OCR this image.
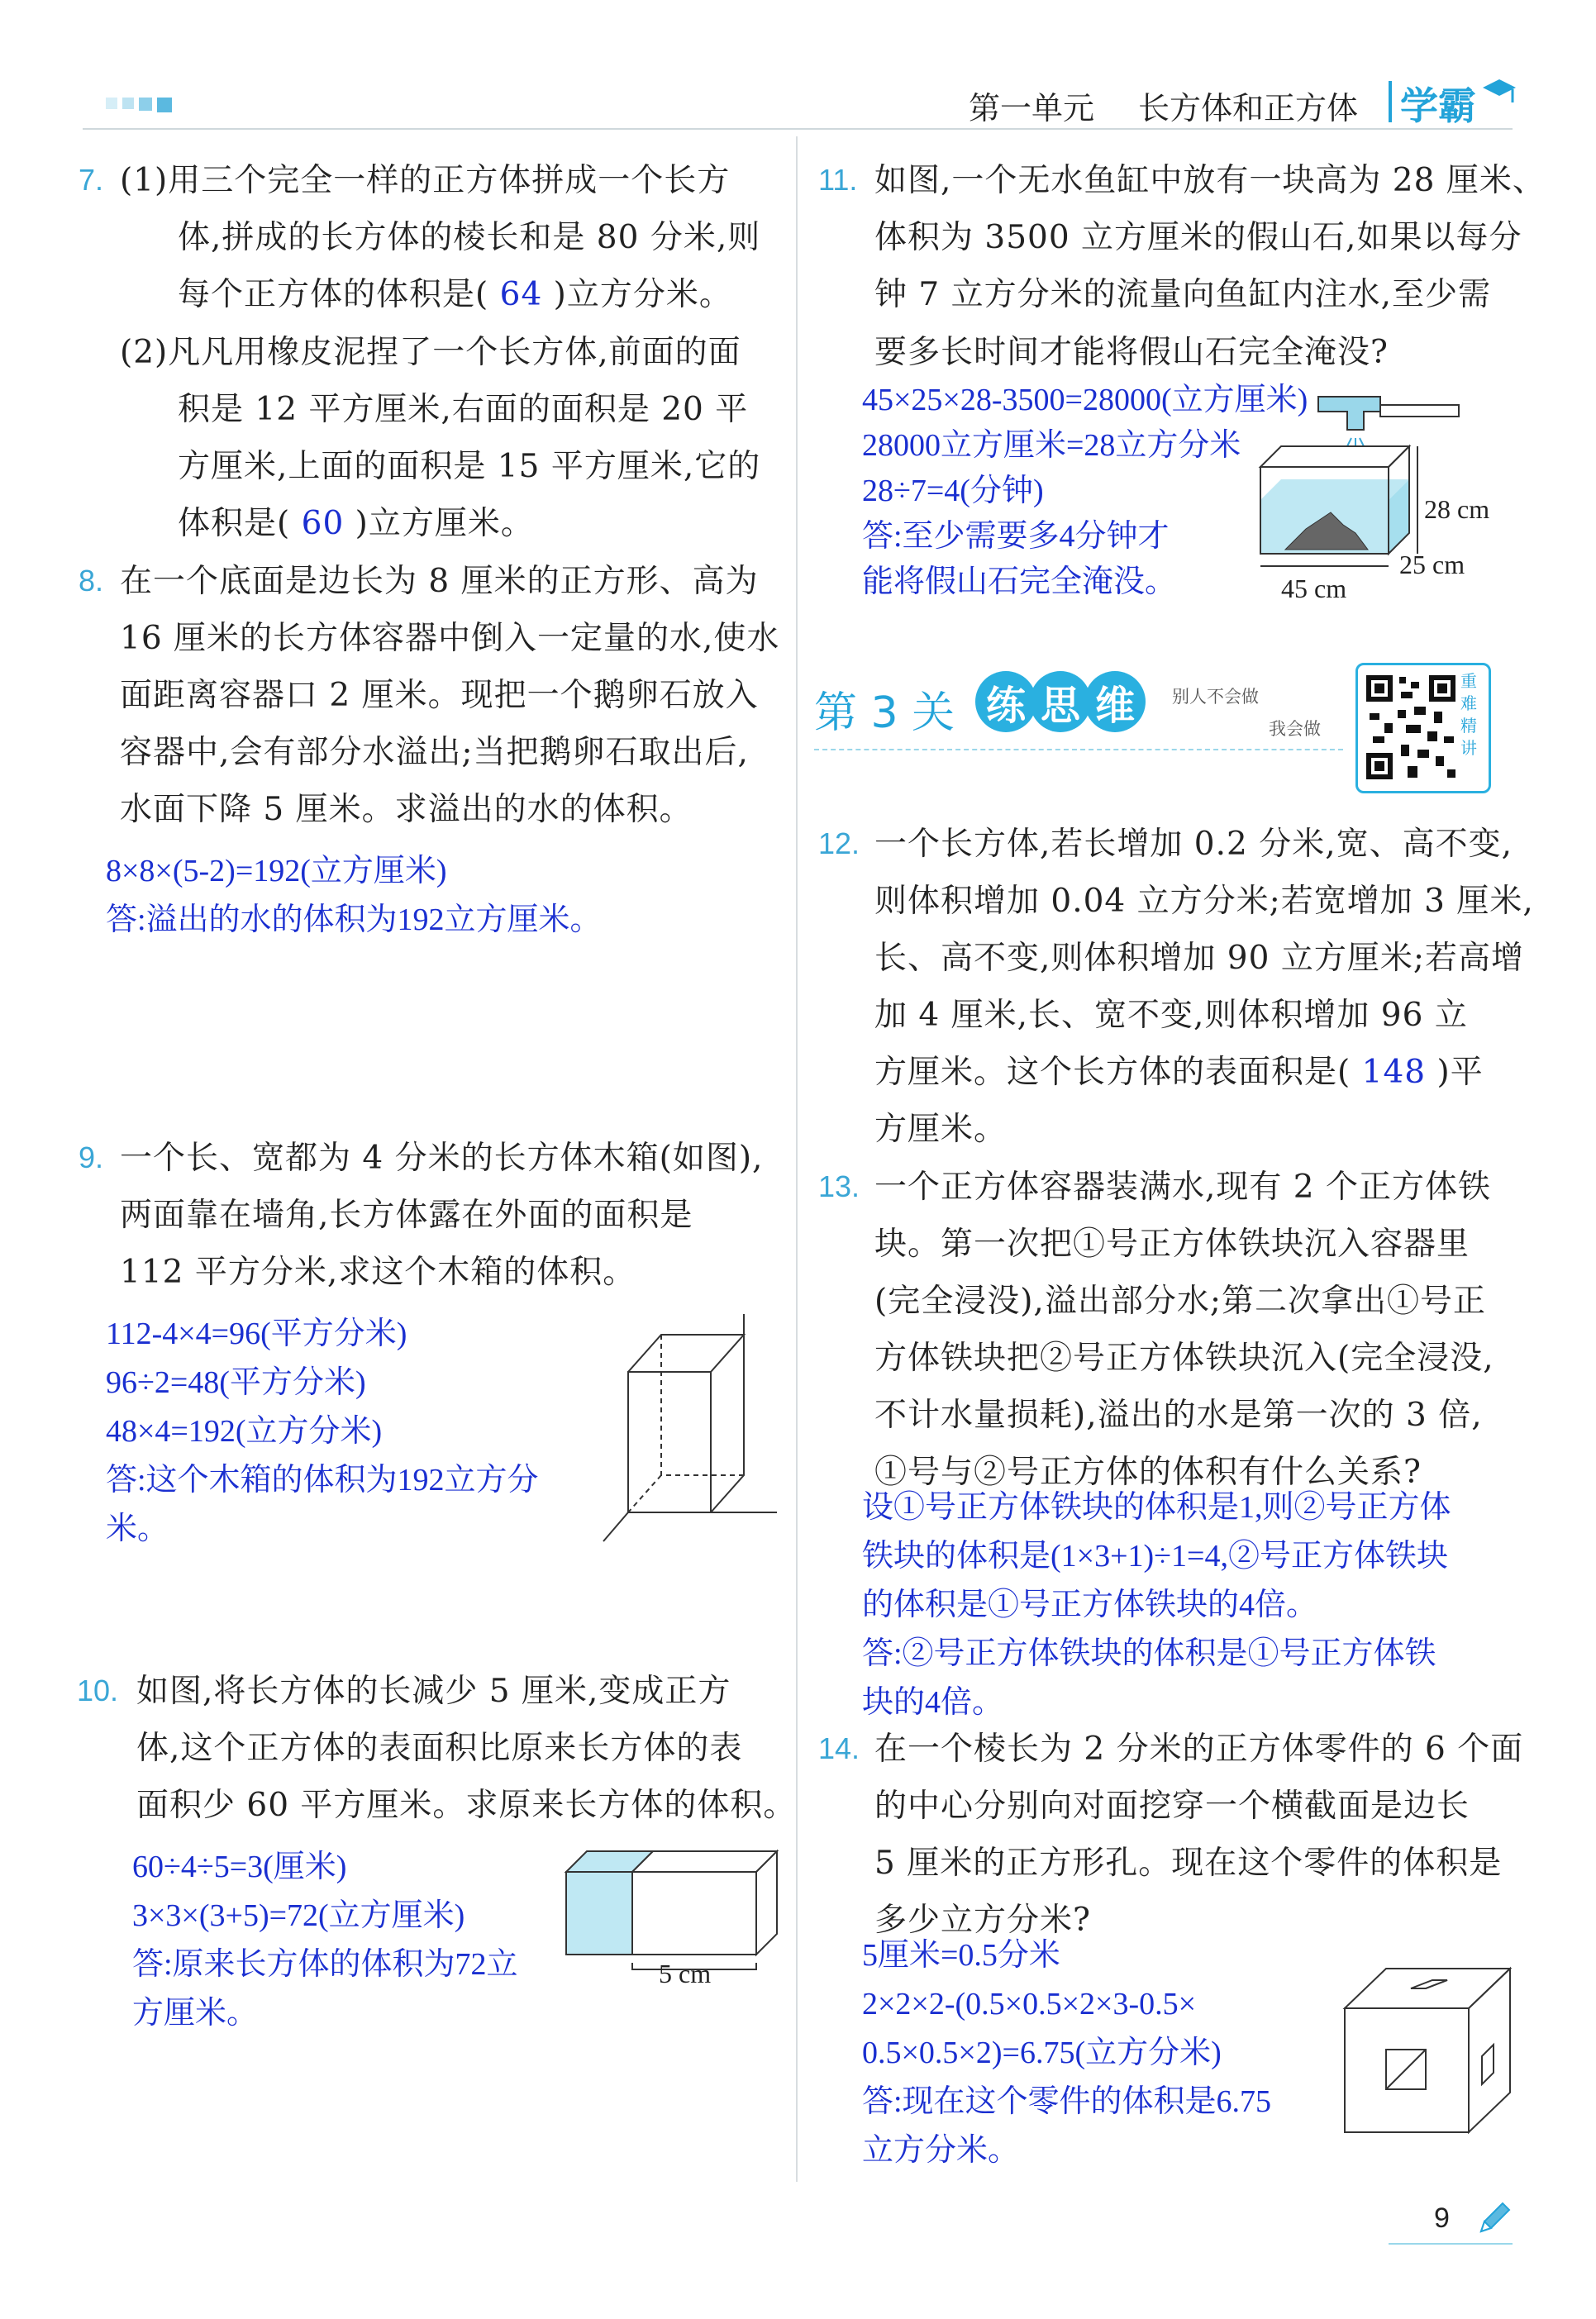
第一单元 长方体和正方体 学霸
7. (1)用三个完全一样的正方体拼成一个长方
体,拼成的长方体的棱长和是 80 分米,则
每个正方体的体积是( 64 )立方分米。
(2)凡凡用橡皮泥捏了一个长方体,前面的面
积是 12 平方厘米,右面的面积是 20 平
方厘米,上面的面积是 15 平方厘米,它的
体积是( 60 )立方厘米。
8. 在一个底面是边长为 8 厘米的正方形、高为
16 厘米的长方体容器中倒入一定量的水,使水
面距离容器口 2 厘米。现把一个鹅卵石放入
容器中,会有部分水溢出;当把鹅卵石取出后,
水面下降 5 厘米。求溢出的水的体积。
8×8×(5-2)=192(立方厘米)
答:溢出的水的体积为192立方厘米。
9. 一个长、宽都为 4 分米的长方体木箱(如图),
两面靠在墙角,长方体露在外面的面积是
112 平方分米,求这个木箱的体积。
112-4×4=96(平方分米)
96÷2=48(平方分米)
48×4=192(立方分米)
答:这个木箱的体积为192立方分
米。
10. 如图,将长方体的长减少 5 厘米,变成正方
体,这个正方体的表面积比原来长方体的表
面积少 60 平方厘米。求原来长方体的体积。
60÷4÷5=3(厘米)
3×3×(3+5)=72(立方厘米)
答:原来长方体的体积为72立
方厘米。
5 cm
11. 如图,一个无水鱼缸中放有一块高为 28 厘米、
体积为 3500 立方厘米的假山石,如果以每分
钟 7 立方分米的流量向鱼缸内注水,至少需
要多长时间才能将假山石完全淹没?
45×25×28-3500=28000(立方厘米)
28000立方厘米=28立方分米
28÷7=4(分钟)
答:至少需要多4分钟才
能将假山石完全淹没。
28 cm
25 cm
45 cm
第 3 关 练 思 维	别人不会做
我会做
重
难
精
讲
12. 一个长方体,若长增加 0.2 分米,宽、高不变,
则体积增加 0.04 立方分米;若宽增加 3 厘米,
长、高不变,则体积增加 90 立方厘米;若高增
加 4 厘米,长、宽不变,则体积增加 96 立
方厘米。这个长方体的表面积是( 148 )平
方厘米。
13. 一个正方体容器装满水,现有 2 个正方体铁
块。第一次把①号正方体铁块沉入容器里
(完全浸没),溢出部分水;第二次拿出①号正
方体铁块把②号正方体铁块沉入(完全浸没,
不计水量损耗),溢出的水是第一次的 3 倍,
①号与②号正方体的体积有什么关系?
设①号正方体铁块的体积是1,则②号正方体
铁块的体积是(1×3+1)÷1=4,②号正方体铁块
的体积是①号正方体铁块的4倍。
答:②号正方体铁块的体积是①号正方体铁
块的4倍。
14. 在一个棱长为 2 分米的正方体零件的 6 个面
的中心分别向对面挖穿一个横截面是边长
5 厘米的正方形孔。现在这个零件的体积是
多少立方分米?
5厘米=0.5分米
2×2×2-(0.5×0.5×2×3-0.5×
0.5×0.5×2)=6.75(立方分米)
答:现在这个零件的体积是6.75
立方分米。
9
